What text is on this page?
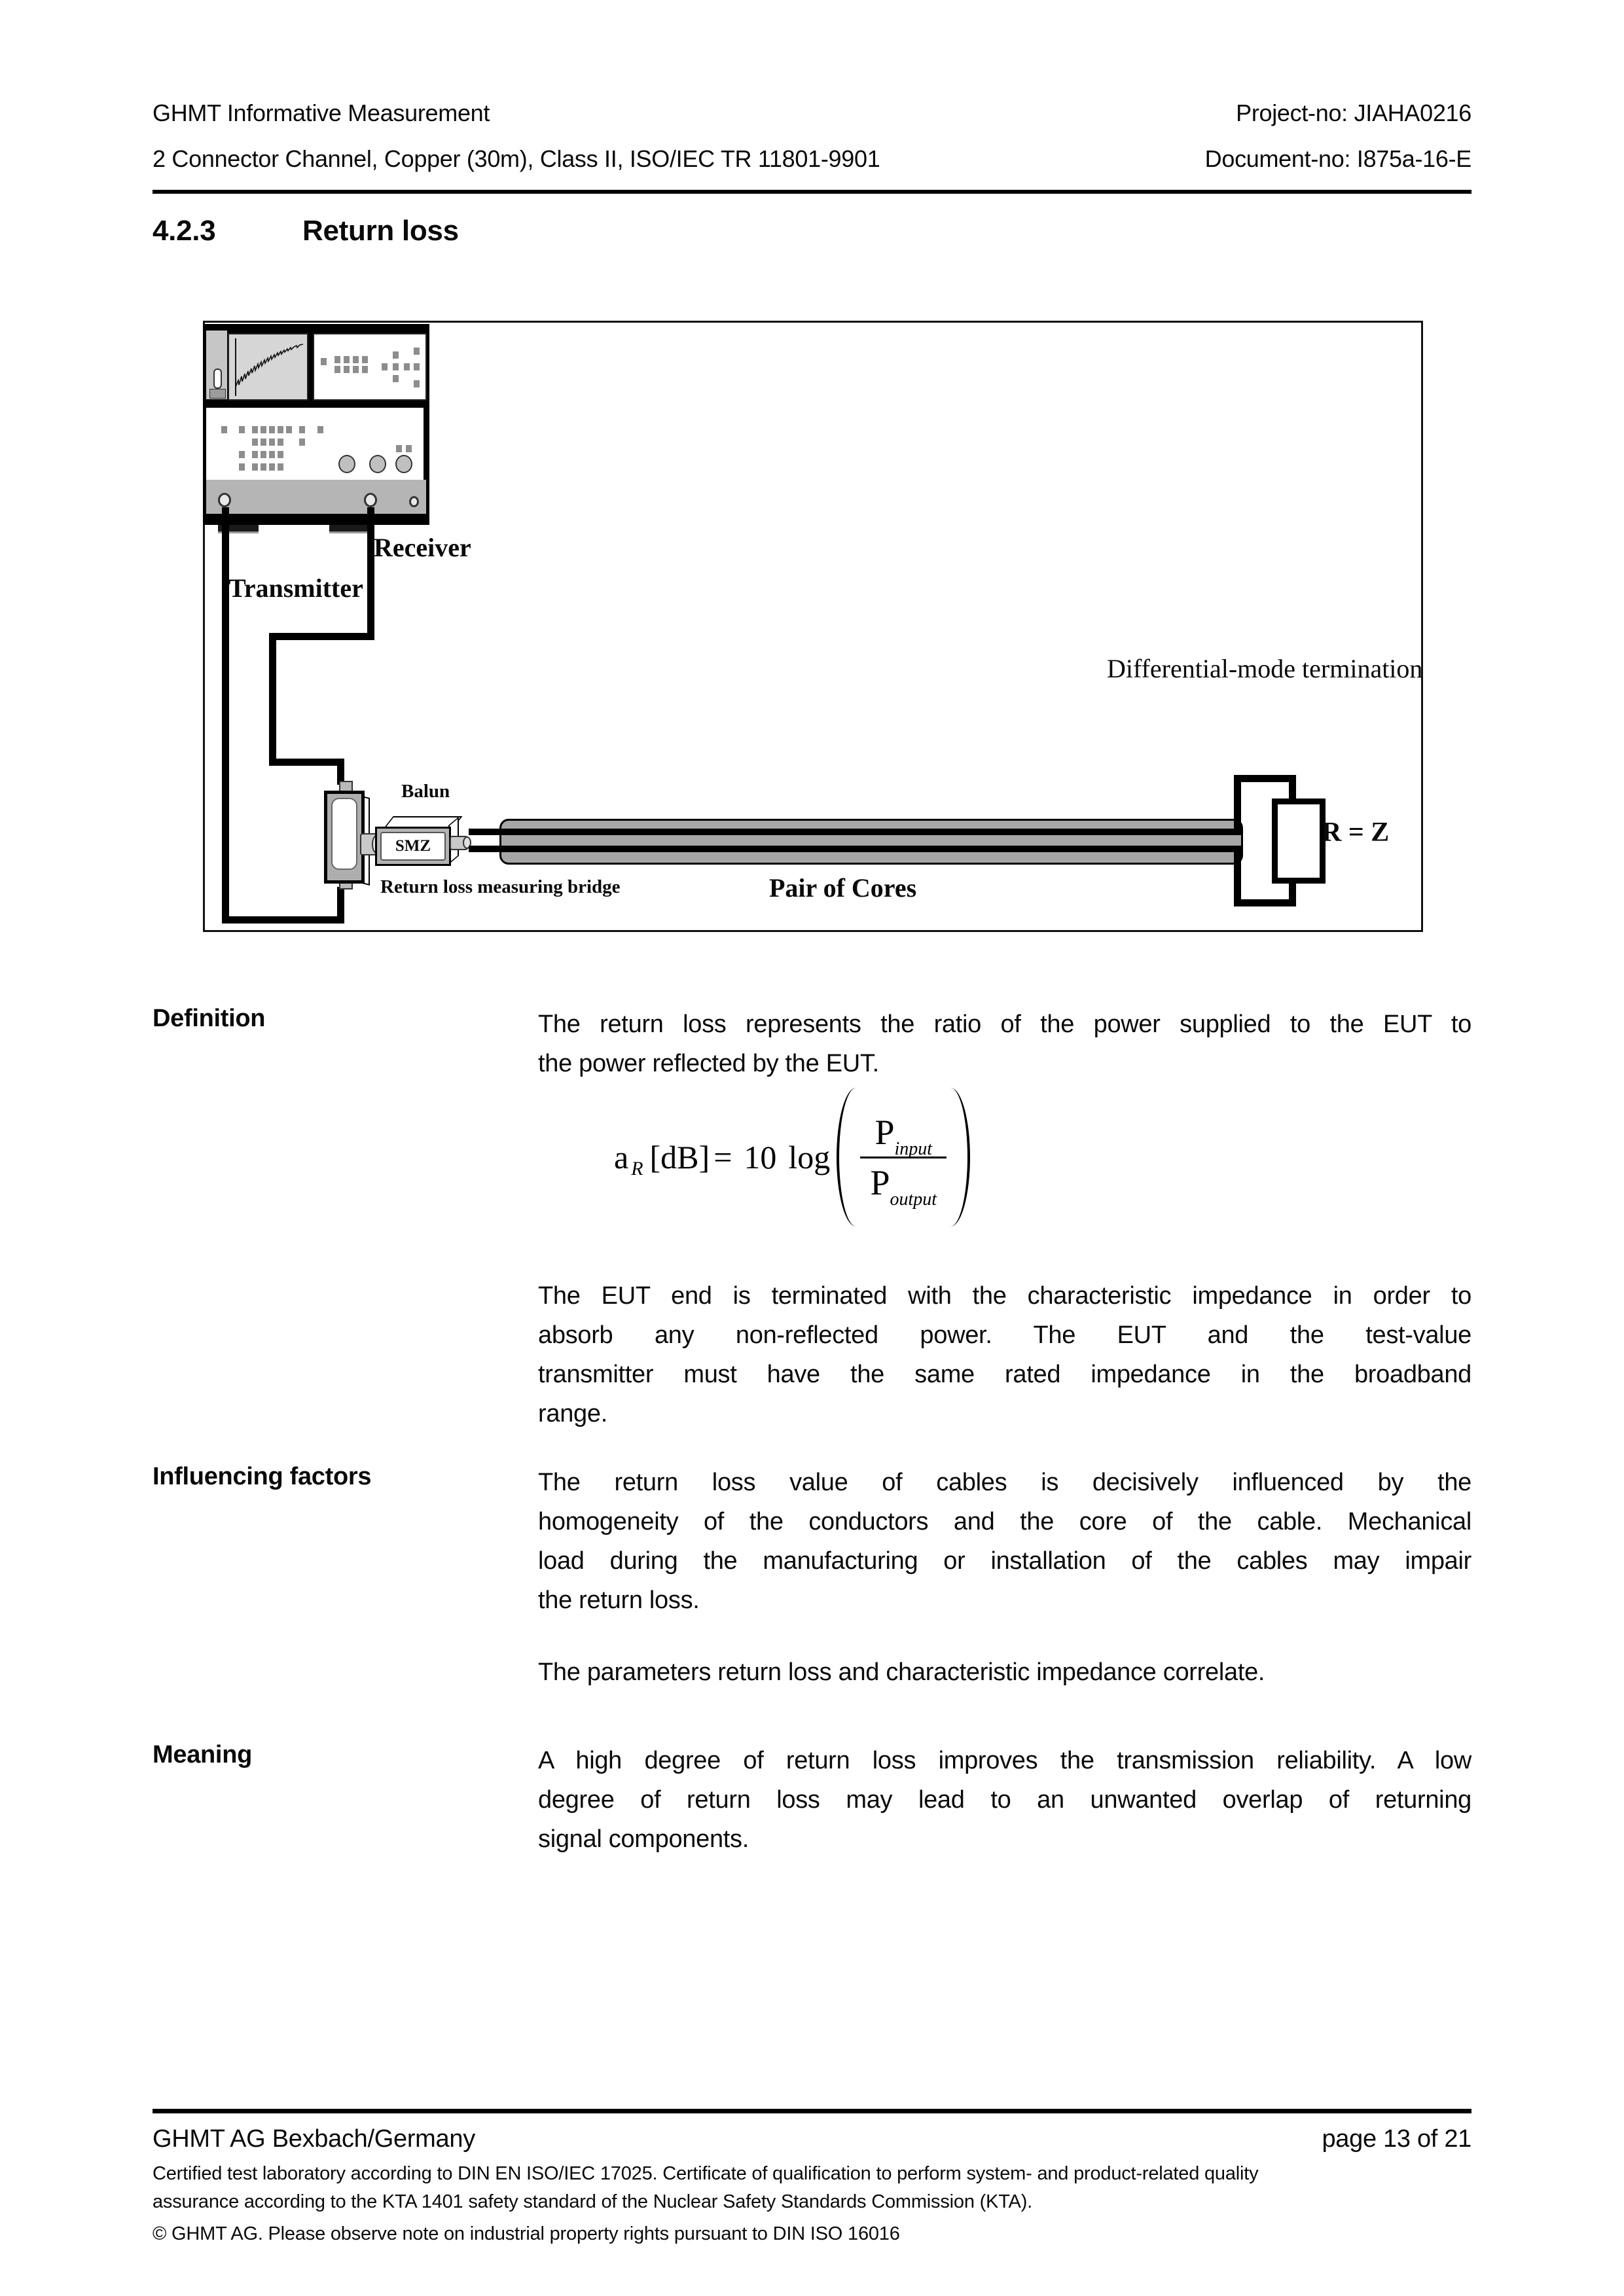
GHMT Informative Measurement	Project-no: JIAHA0216
2 Connector Channel, Copper (30m), Class II, ISO/IEC TR 11801-9901	Document-no: I875a-16-E
4.2.3	Return loss
Receiver
Transmitter
SMZ
Balun
Return loss measuring bridge	Pair of Cores
Differential-mode termination
R = Z
Definition	The return loss represents the ratio of the power supplied to the EUT to
the power reflected by the EUT.
a R [dB] = 10 $\log \frac{\text{Pinput}}{\text{Poutput}}$
The EUT end is terminated with the characteristic impedance in order to
absorb any non-reflected power. The EUT and the test-value
transmitter must have the same rated impedance in the broadband
range.
Influencing factors	The return loss value of cables is decisively influenced by the
homogeneity of the conductors and the core of the cable. Mechanical
load during the manufacturing or installation of the cables may impair
the return loss.
The parameters return loss and characteristic impedance correlate.
Meaning	A high degree of return loss improves the transmission reliability. A low
degree of return loss may lead to an unwanted overlap of returning
signal components.
GHMT AG Bexbach/Germany	page 13 of 21
Certified test laboratory according to DIN EN ISO/IEC 17025. Certificate of qualification to perform system- and product-related quality
assurance according to the KTA 1401 safety standard of the Nuclear Safety Standards Commission (KTA).
© GHMT AG. Please observe note on industrial property rights pursuant to DIN ISO 16016
